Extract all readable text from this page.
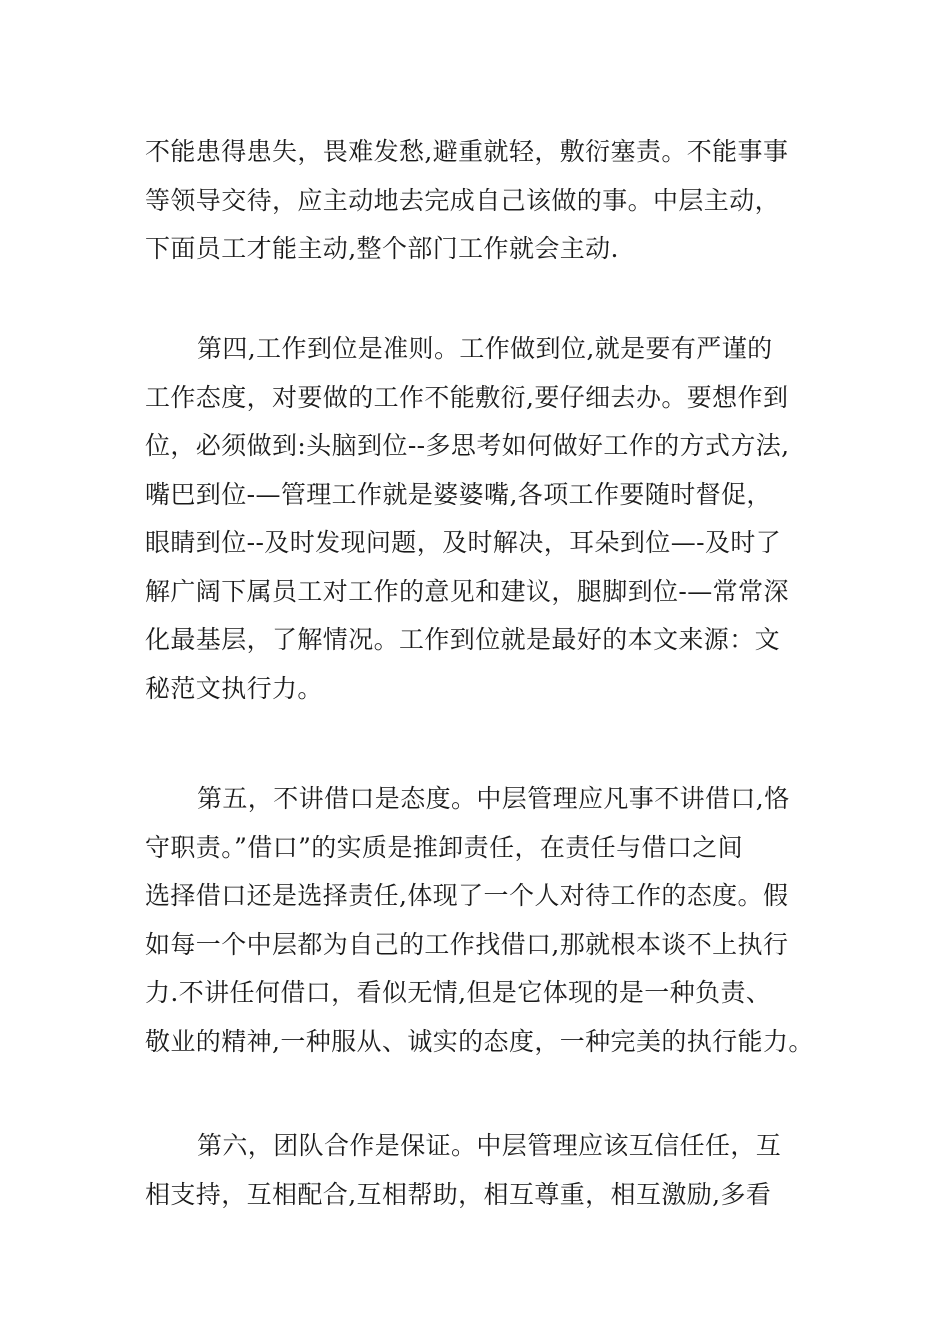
不能患得患失，畏难发愁,避重就轻，敷衍塞责。不能事事
等领导交待，应主动地去完成自己该做的事。中层主动，
下面员工才能主动,整个部门工作就会主动.
第四,工作到位是准则。工作做到位,就是要有严谨的
工作态度，对要做的工作不能敷衍,要仔细去办。要想作到
位，必须做到:头脑到位--多思考如何做好工作的方式方法,
嘴巴到位-—管理工作就是婆婆嘴,各项工作要随时督促，
眼睛到位--及时发现问题，及时解决，耳朵到位—-及时了
解广阔下属员工对工作的意见和建议，腿脚到位-—常常深
化最基层，了解情况。工作到位就是最好的本文来源：文
秘范文执行力。
第五，不讲借口是态度。中层管理应凡事不讲借口,恪
守职责。”借口”的实质是推卸责任，在责任与借口之间
选择借口还是选择责任,体现了一个人对待工作的态度。假
如每一个中层都为自己的工作找借口,那就根本谈不上执行
力.不讲任何借口，看似无情,但是它体现的是一种负责、
敬业的精神,一种服从、诚实的态度，一种完美的执行能力。
第六，团队合作是保证。中层管理应该互信任任，互
相支持，互相配合,互相帮助，相互尊重，相互激励,多看
